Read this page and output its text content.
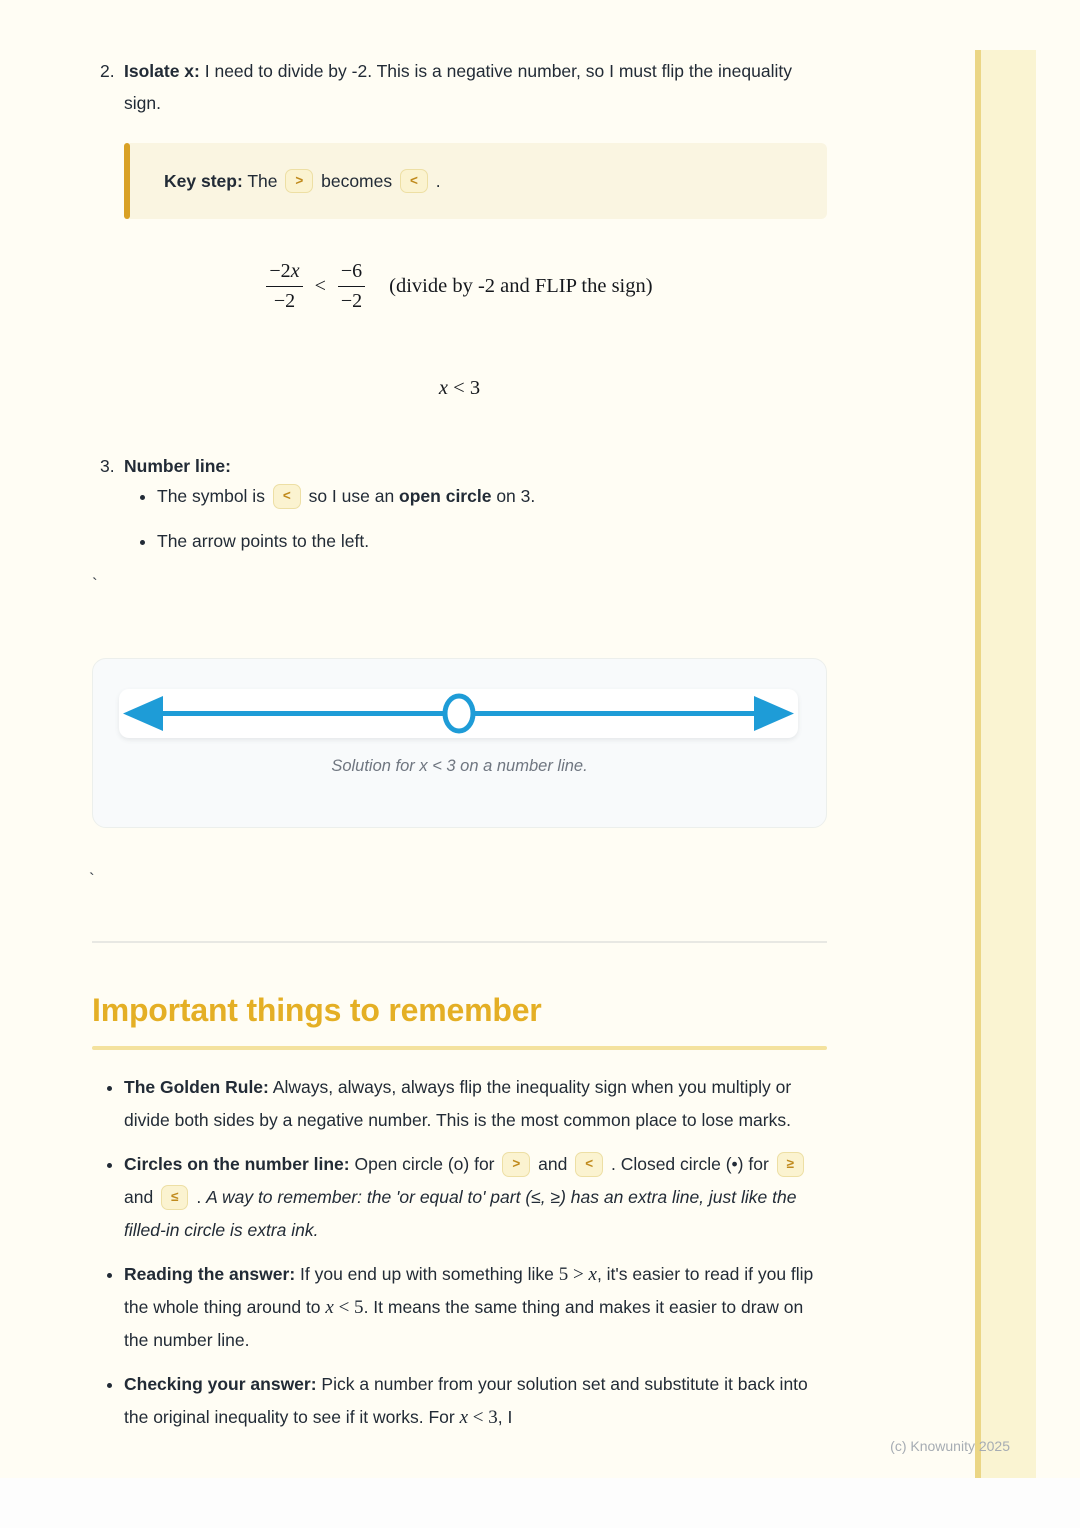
2. Isolate x: I need to divide by -2. This is a negative number, so I must flip the inequality sign.
Key step: The > becomes < .
$\frac{-2x}{-2} < \frac{-6}{-2}$ (divide by -2 and FLIP the sign)
x < 3
3. Number line:
• The symbol is < so I use an open circle on 3.
• The arrow points to the left.
`
Solution for x < 3 on a number line.
`
Important things to remember
• The Golden Rule: Always, always, always flip the inequality sign when you multiply or divide both sides by a negative number. This is the most common place to lose marks.
• Circles on the number line: Open circle (o) for > and < . Closed circle (•) for ≥ and ≤ . A way to remember: the 'or equal to' part (≤, ≥) has an extra line, just like the filled-in circle is extra ink.
• Reading the answer: If you end up with something like 5 > x, it's easier to read if you flip the whole thing around to x < 5. It means the same thing and makes it easier to draw on the number line.
• Checking your answer: Pick a number from your solution set and substitute it back into the original inequality to see if it works. For x < 3, I
(c) Knowunity 2025
